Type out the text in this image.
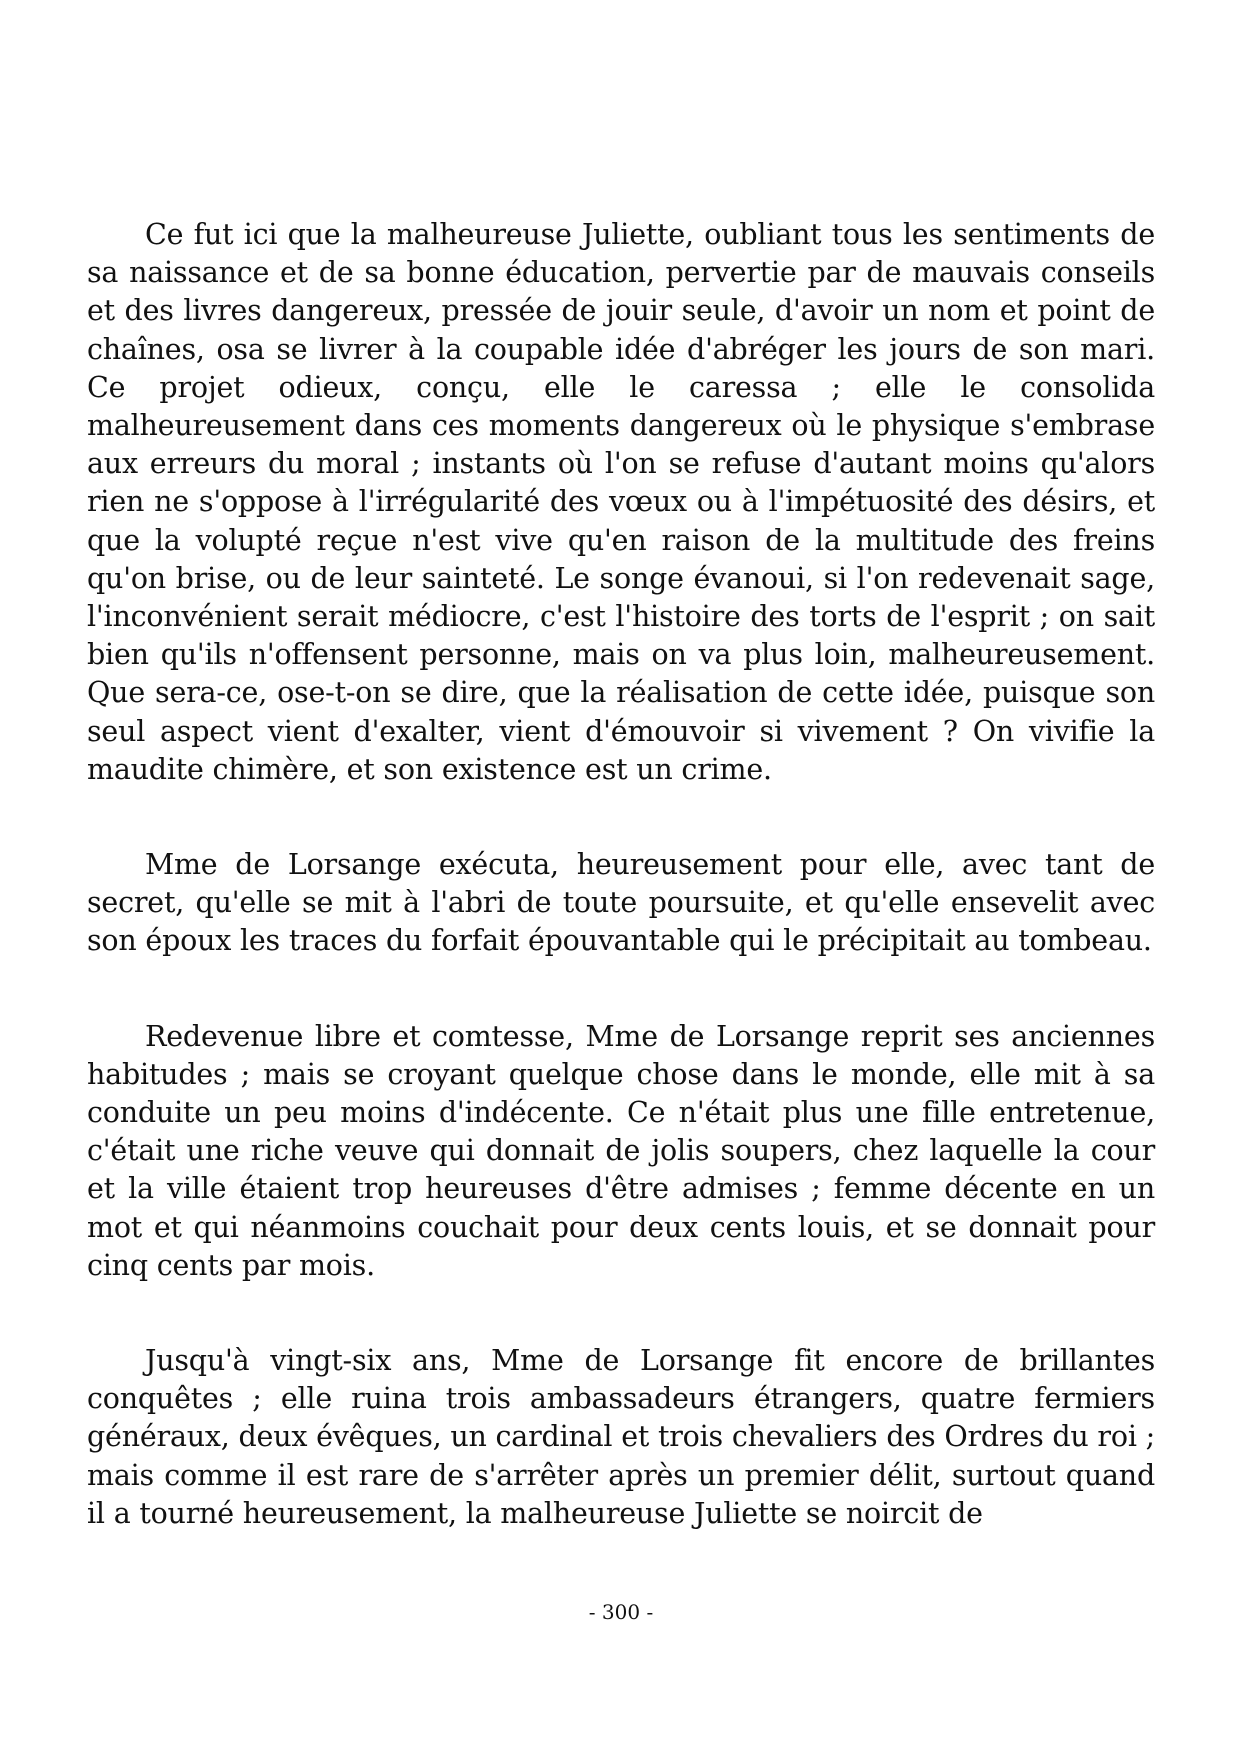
Ce fut ici que la malheureuse Juliette, oubliant tous les sentiments de sa naissance et de sa bonne éducation, pervertie par de mauvais conseils et des livres dangereux, pressée de jouir seule, d'avoir un nom et point de chaînes, osa se livrer à la coupable idée d'abréger les jours de son mari. Ce projet odieux, conçu, elle le caressa ; elle le consolida malheureusement dans ces moments dangereux où le physique s'embrase aux erreurs du moral ; instants où l'on se refuse d'autant moins qu'alors rien ne s'oppose à l'irrégularité des vœux ou à l'impétuosité des désirs, et que la volupté reçue n'est vive qu'en raison de la multitude des freins qu'on brise, ou de leur sainteté. Le songe évanoui, si l'on redevenait sage, l'inconvénient serait médiocre, c'est l'histoire des torts de l'esprit ; on sait bien qu'ils n'offensent personne, mais on va plus loin, malheureusement. Que sera-ce, ose-t-on se dire, que la réalisation de cette idée, puisque son seul aspect vient d'exalter, vient d'émouvoir si vivement ? On vivifie la maudite chimère, et son existence est un crime.

Mme de Lorsange exécuta, heureusement pour elle, avec tant de secret, qu'elle se mit à l'abri de toute poursuite, et qu'elle ensevelit avec son époux les traces du forfait épouvantable qui le précipitait au tombeau.

Redevenue libre et comtesse, Mme de Lorsange reprit ses anciennes habitudes ; mais se croyant quelque chose dans le monde, elle mit à sa conduite un peu moins d'indécente. Ce n'était plus une fille entretenue, c'était une riche veuve qui donnait de jolis soupers, chez laquelle la cour et la ville étaient trop heureuses d'être admises ; femme décente en un mot et qui néanmoins couchait pour deux cents louis, et se donnait pour cinq cents par mois.

Jusqu'à vingt-six ans, Mme de Lorsange fit encore de brillantes conquêtes ; elle ruina trois ambassadeurs étrangers, quatre fermiers généraux, deux évêques, un cardinal et trois chevaliers des Ordres du roi ; mais comme il est rare de s'arrêter après un premier délit, surtout quand il a tourné heureusement, la malheureuse Juliette se noircit de

- 300 -
